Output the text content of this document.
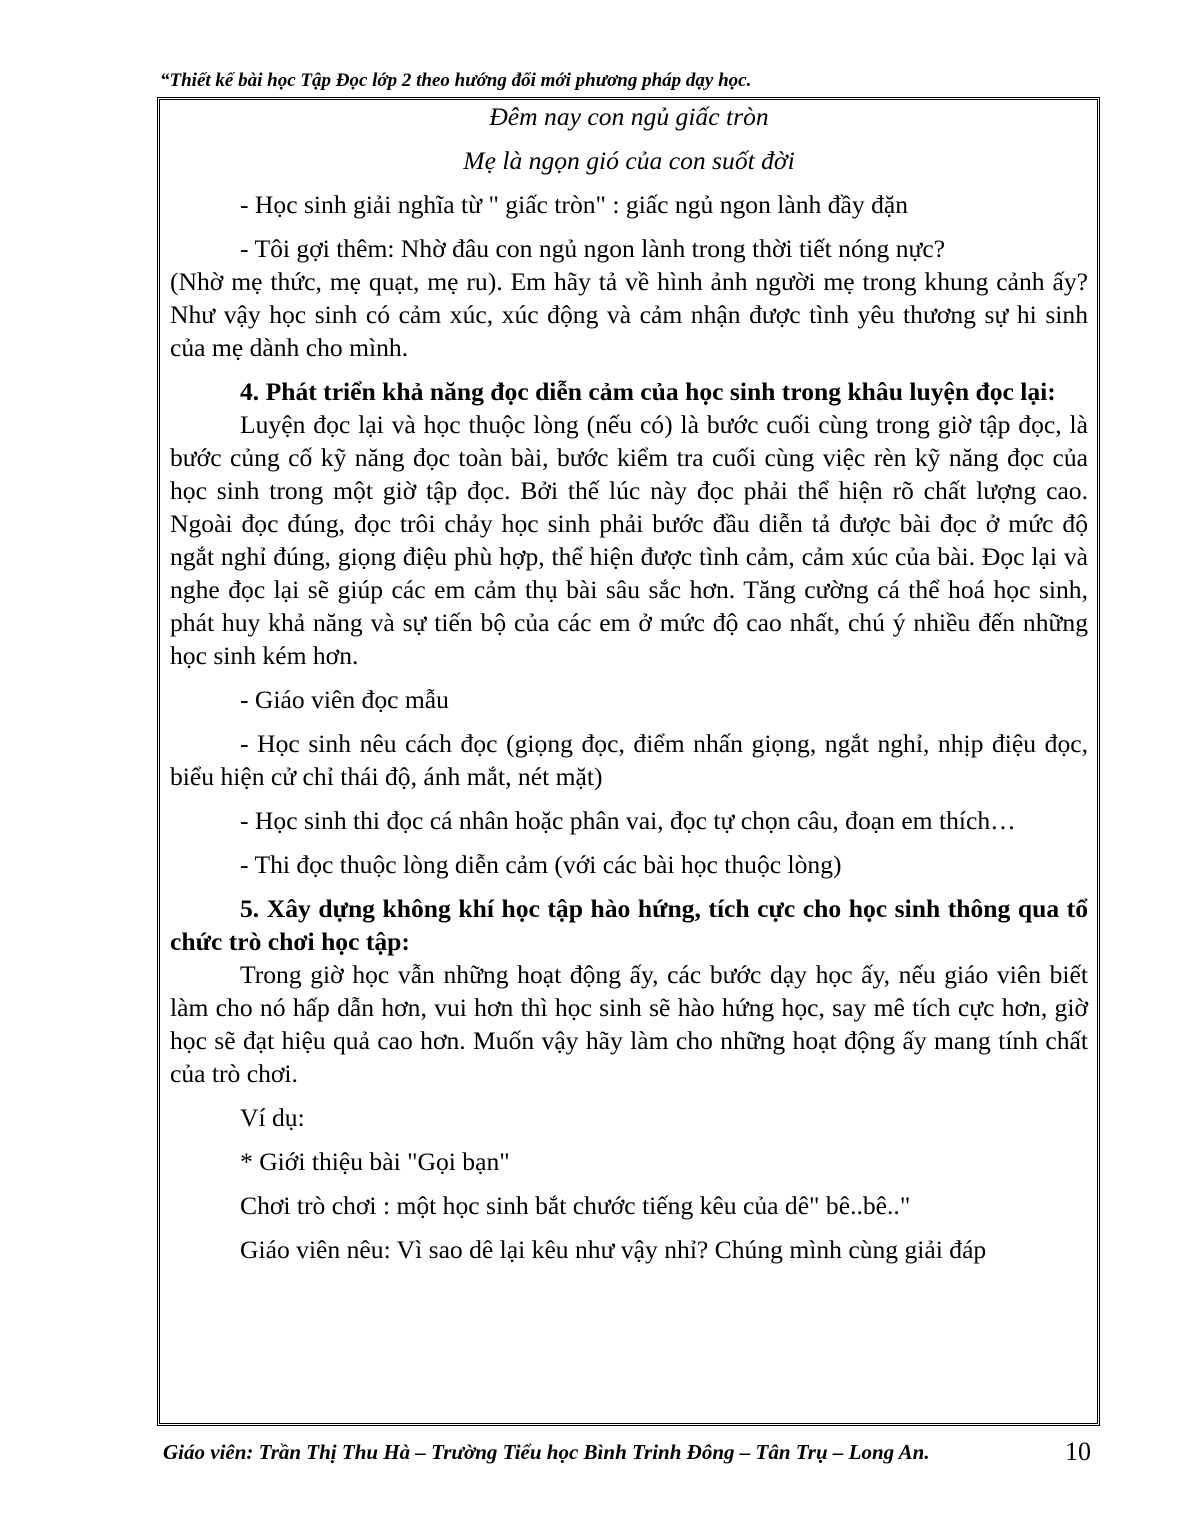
“Thiết kế bài học Tập Đọc lớp 2 theo hướng đổi mới phương pháp dạy học.
Đêm nay con ngủ giấc tròn
Mẹ là ngọn gió của con suốt đời

- Học sinh giải nghĩa từ " giấc tròn" : giấc ngủ ngon lành đầy đặn

- Tôi gợi thêm: Nhờ đâu con ngủ ngon lành trong thời tiết nóng nực?

(Nhờ mẹ thức, mẹ quạt, mẹ ru). Em hãy tả về hình ảnh người mẹ trong khung cảnh ấy? Như vậy học sinh có cảm xúc, xúc động và cảm nhận được tình yêu thương sự hi sinh của mẹ dành cho mình.

4. Phát triển khả năng đọc diễn cảm của học sinh trong khâu luyện đọc lại:

Luyện đọc lại và học thuộc lòng (nếu có) là bước cuối cùng trong giờ tập đọc, là bước củng cố kỹ năng đọc toàn bài, bước kiểm tra cuối cùng việc rèn kỹ năng đọc của học sinh trong một giờ tập đọc. Bởi thế lúc này đọc phải thể hiện rõ chất lượng cao. Ngoài đọc đúng, đọc trôi chảy học sinh phải bước đầu diễn tả được bài đọc ở mức độ ngắt nghỉ đúng, giọng điệu phù hợp, thể hiện được tình cảm, cảm xúc của bài. Đọc lại và nghe đọc lại sẽ giúp các em cảm thụ bài sâu sắc hơn. Tăng cường cá thể hoá học sinh, phát huy khả năng và sự tiến bộ của các em ở mức độ cao nhất, chú ý nhiều đến những học sinh kém hơn.

- Giáo viên đọc mẫu

- Học sinh nêu cách đọc (giọng đọc, điểm nhấn giọng, ngắt nghỉ, nhịp điệu đọc, biểu hiện cử chỉ thái độ, ánh mắt, nét mặt)

- Học sinh thi đọc cá nhân hoặc phân vai, đọc tự chọn câu, đoạn em thích…

- Thi đọc thuộc lòng diễn cảm (với các bài học thuộc lòng)

5. Xây dựng không khí học tập hào hứng, tích cực cho học sinh thông qua tổ chức trò chơi học tập:

Trong giờ học vẫn những hoạt động ấy, các bước dạy học ấy, nếu giáo viên biết làm cho nó hấp dẫn hơn, vui hơn thì học sinh sẽ hào hứng học, say mê tích cực hơn, giờ học sẽ đạt hiệu quả cao hơn. Muốn vậy hãy làm cho những hoạt động ấy mang tính chất của trò chơi.

Ví dụ:

* Giới thiệu bài "Gọi bạn"

Chơi trò chơi : một học sinh bắt chước tiếng kêu của dê" bê..bê.."

Giáo viên nêu: Vì sao dê lại kêu như vậy nhỉ? Chúng mình cùng giải đáp

Giáo viên: Trần Thị Thu Hà – Trường Tiểu học Bình Trinh Đông – Tân Trụ – Long An.	10
